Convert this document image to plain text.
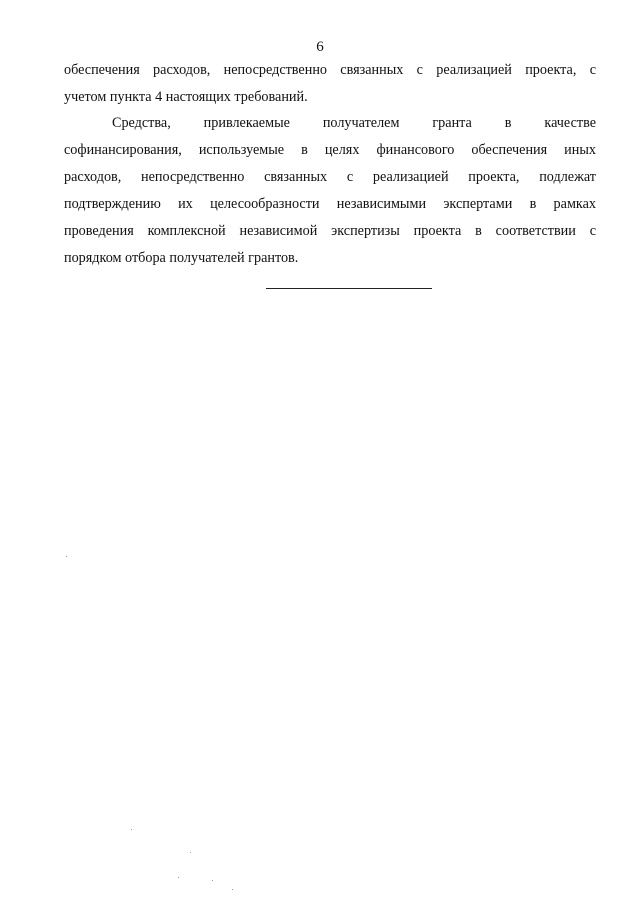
6
обеспечения расходов, непосредственно связанных с реализацией проекта, с
учетом пункта 4 настоящих требований.
Средства, привлекаемые получателем гранта в качестве
софинансирования, используемые в целях финансового обеспечения иных
расходов, непосредственно связанных с реализацией проекта, подлежат
подтверждению их целесообразности независимыми экспертами в рамках
проведения комплексной независимой экспертизы проекта в соответствии с
порядком отбора получателей грантов.
